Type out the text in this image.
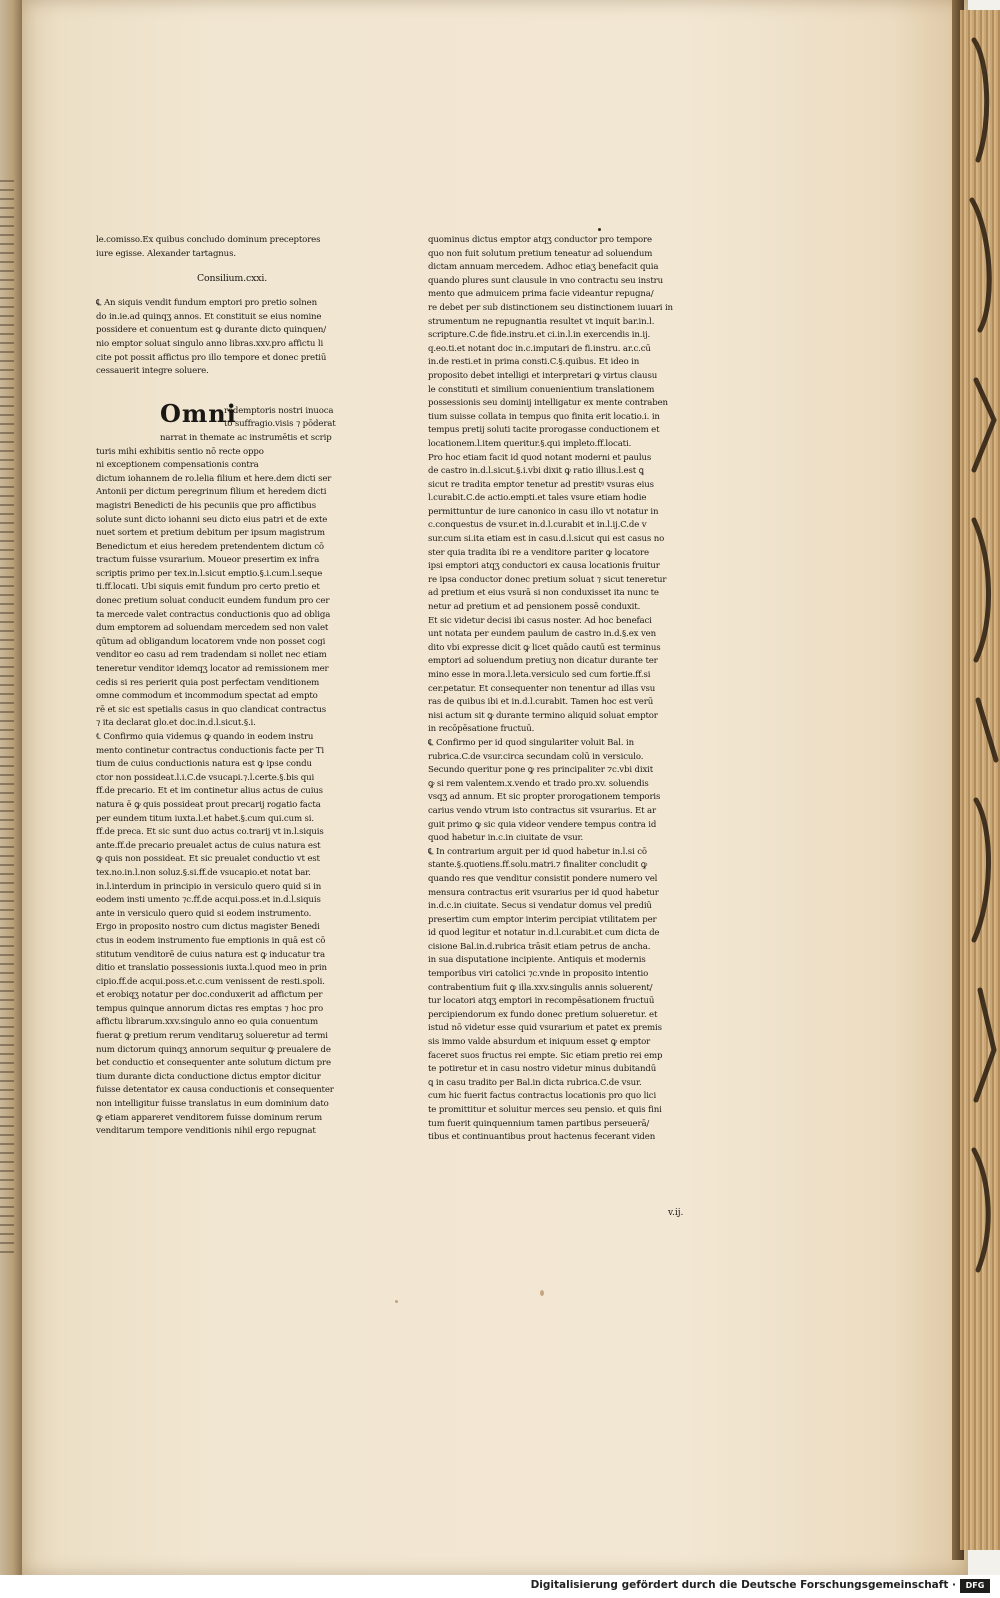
le.comisso.Ex quibus concludo dominum preceptores
iure egisse. Alexander tartagnus.
Consilium.cxxi.
℄ An siquis vendit fundum emptori pro pretio solnen
do in.ie.ad quinqʒ annos. Et constituit se eius nomine
possidere et conuentum est ꝙ durante dicto quinquen/
nio emptor soluat singulo anno libras.xxv.pro affictu li
cite pot possit affictus pro illo tempore et donec pretiū
cessauerit integre soluere.
Omni
redemptoris nostri inuoca
to suffragio.visis ⁊ pōderat
narrat in themate ac instrumētis et scrip
turis mihi exhibitis sentio nō recte oppo
ni exceptionem compensationis contra
dictum iohannem de ro.lelia filium et here.dem dicti ser
Antonii per dictum peregrinum filium et heredem dicti
magistri Benedicti de his pecuniis que pro affictibus
solute sunt dicto iohanni seu dicto eius patri et de exte
nuet sortem et pretium debitum per ipsum magistrum
Benedictum et eius heredem pretendentem dictum cō
tractum fuisse vsurarium. Moueor presertim ex infra
scriptis primo per tex.in.l.sicut emptio.§.i.cum.l.seque
ti.ff.locati. Ubi siquis emit fundum pro certo pretio et
donec pretium soluat conducit eundem fundum pro cer
ta mercede valet contractus conductionis quo ad obliga
dum emptorem ad soluendam mercedem sed non valet
qūtum ad obligandum locatorem vnde non posset cogi
venditor eo casu ad rem tradendam si nollet nec etiam
teneretur venditor idemqʒ locator ad remissionem mer
cedis si res perierit quia post perfectam venditionem
omne commodum et incommodum spectat ad empto
rē et sic est spetialis casus in quo clandicat contractus
⁊ ita declarat glo.et doc.in.d.l.sicut.§.i.
℄ Confirmo quia videmus ꝙ quando in eodem instru
mento continetur contractus conductionis facte per Ti
tium de cuius conductionis natura est ꝙ ipse condu
ctor non possideat.l.i.C.de vsucapi.⁊.l.certe.§.bis qui
ff.de precario. Et et im continetur alius actus de cuius
natura ē ꝙ quis possideat prout precarij rogatio facta
per eundem titum iuxta.l.et habet.§.cum qui.cum si.
ff.de preca. Et sic sunt duo actus co.trarij vt in.l.siquis
ante.ff.de precario preualet actus de cuius natura est
ꝙ quis non possideat. Et sic preualet conductio vt est
tex.no.in.l.non soluz.§.si.ff.de vsucapio.et notat bar.
in.l.interdum in principio in versiculo quero quid si in
eodem insti umento ⁊c.ff.de acqui.poss.et in.d.l.siquis
ante in versiculo quero quid si eodem instrumento.
Ergo in proposito nostro cum dictus magister Benedi
ctus in eodem instrumento fue emptionis in quā est cō
stitutum venditorē de cuius natura est ꝙ inducatur tra
ditio et translatio possessionis iuxta.l.quod meo in prin
cipio.ff.de acqui.poss.et.c.cum venissent de resti.spoli.
et erobiqʒ notatur per doc.conduxerit ad affictum per
tempus quinque annorum dictas res emptas ⁊ hoc pro
affictu librarum.xxv.singulo anno eo quia conuentum
fuerat ꝙ pretium rerum venditaruʒ solueretur ad termi
num dictorum quinqʒ annorum sequitur ꝙ preualere de
bet conductio et consequenter ante solutum dictum pre
tium durante dicta conductione dictus emptor dicitur
fuisse detentator ex causa conductionis et consequenter
non intelligitur fuisse translatus in eum dominium dato
ꝙ etiam appareret venditorem fuisse dominum rerum
venditarum tempore venditionis nihil ergo repugnat
quominus dictus emptor atqʒ conductor pro tempore
quo non fuit solutum pretium teneatur ad soluendum
dictam annuam mercedem. Adhoc etiaʒ benefacit quia
quando plures sunt clausule in vno contractu seu instru
mento que admuicem prima facie videantur repugna/
re debet per sub distinctionem seu distinctionem iuuari in
strumentum ne repugnantia resultet vt inquit bar.in.l.
scripture.C.de fide.instru.et ci.in.l.in exercendis in.ij.
q.eo.ti.et notant doc in.c.imputari de fi.instru. ar.c.cū
in.de resti.et in prima consti.C.§.quibus. Et ideo in
proposito debet intelligi et interpretari ꝙ virtus clausu
le constituti et similium conuenientium translationem
possessionis seu dominij intelligatur ex mente contraben
tium suisse collata in tempus quo finita erit locatio.i. in
tempus pretij soluti tacite prorogasse conductionem et
locationem.l.item queritur.§.qui impleto.ff.locati.
Pro hoc etiam facit id quod notant moderni et paulus
de castro in.d.l.sicut.§.i.vbi dixit ꝙ ratio illius.l.est ꝗ
sicut re tradita emptor tenetur ad prestitꝰ vsuras eius
l.curabit.C.de actio.empti.et tales vsure etiam hodie
permittuntur de iure canonico in casu illo vt notatur in
c.conquestus de vsur.et in.d.l.curabit et in.l.ij.C.de v
sur.cum si.ita etiam est in casu.d.l.sicut qui est casus no
ster quia tradita ibi re a venditore pariter ꝙ locatore
ipsi emptori atqʒ conductori ex causa locationis fruitur
re ipsa conductor donec pretium soluat ⁊ sicut teneretur
ad pretium et eius vsurā si non conduxisset ita nunc te
netur ad pretium et ad pensionem possē conduxit.
Et sic videtur decisi ibi casus noster. Ad hoc benefaci
unt notata per eundem paulum de castro in.d.§.ex ven
dito vbi expresse dicit ꝙ licet quādo cautū est terminus
emptori ad soluendum pretiuʒ non dicatur durante ter
mino esse in mora.l.leta.versiculo sed cum fortie.ff.si
cer.petatur. Et consequenter non tenentur ad illas vsu
ras de quibus ibi et in.d.l.curabit. Tamen hoc est verū
nisi actum sit ꝙ durante termino aliquid soluat emptor
in recōpēsatione fructuū.
℄ Confirmo per id quod singulariter voluit Bal. in
rubrica.C.de vsur.circa secundam colū in versiculo.
Secundo queritur pone ꝙ res principaliter ⁊c.vbi dixit
ꝙ si rem valentem.x.vendo et trado pro.xv. soluendis
vsqʒ ad annum. Et sic propter prorogationem temporis
carius vendo vtrum isto contractus sit vsurarius. Et ar
guit primo ꝙ sic quia videor vendere tempus contra id
quod habetur in.c.in ciuitate de vsur.
℄ In contrarium arguit per id quod habetur in.l.si cō
stante.§.quotiens.ff.solu.matri.⁊ finaliter concludit ꝙ
quando res que venditur consistit pondere numero vel
mensura contractus erit vsurarius per id quod habetur
in.d.c.in ciuitate. Secus si vendatur domus vel prediū
presertim cum emptor interim percipiat vtilitatem per
id quod legitur et notatur in.d.l.curabit.et cum dicta de
cisione Bal.in.d.rubrica trāsit etiam petrus de ancha.
in sua disputatione incipiente. Antiquis et modernis
temporibus viri catolici ⁊c.vnde in proposito intentio
contrabentium fuit ꝙ illa.xxv.singulis annis soluerent/
tur locatori atqʒ emptori in recompēsationem fructuū
percipiendorum ex fundo donec pretium solueretur. et
istud nō videtur esse quid vsurarium et patet ex premis
sis immo valde absurdum et iniquum esset ꝙ emptor
faceret suos fructus rei empte. Sic etiam pretio rei emp
te potiretur et in casu nostro videtur minus dubitandū
ꝗ in casu tradito per Bal.in dicta rubrica.C.de vsur.
cum hic fuerit factus contractus locationis pro quo lici
te promittitur et soluitur merces seu pensio. et ꝗuis fini
tum fuerit quinquennium tamen partibus perseuerā/
tibus et continuantibus prout hactenus fecerant viden
v.ij.
Digitalisierung gefördert durch die Deutsche Forschungsgemeinschaft ·	DFG
